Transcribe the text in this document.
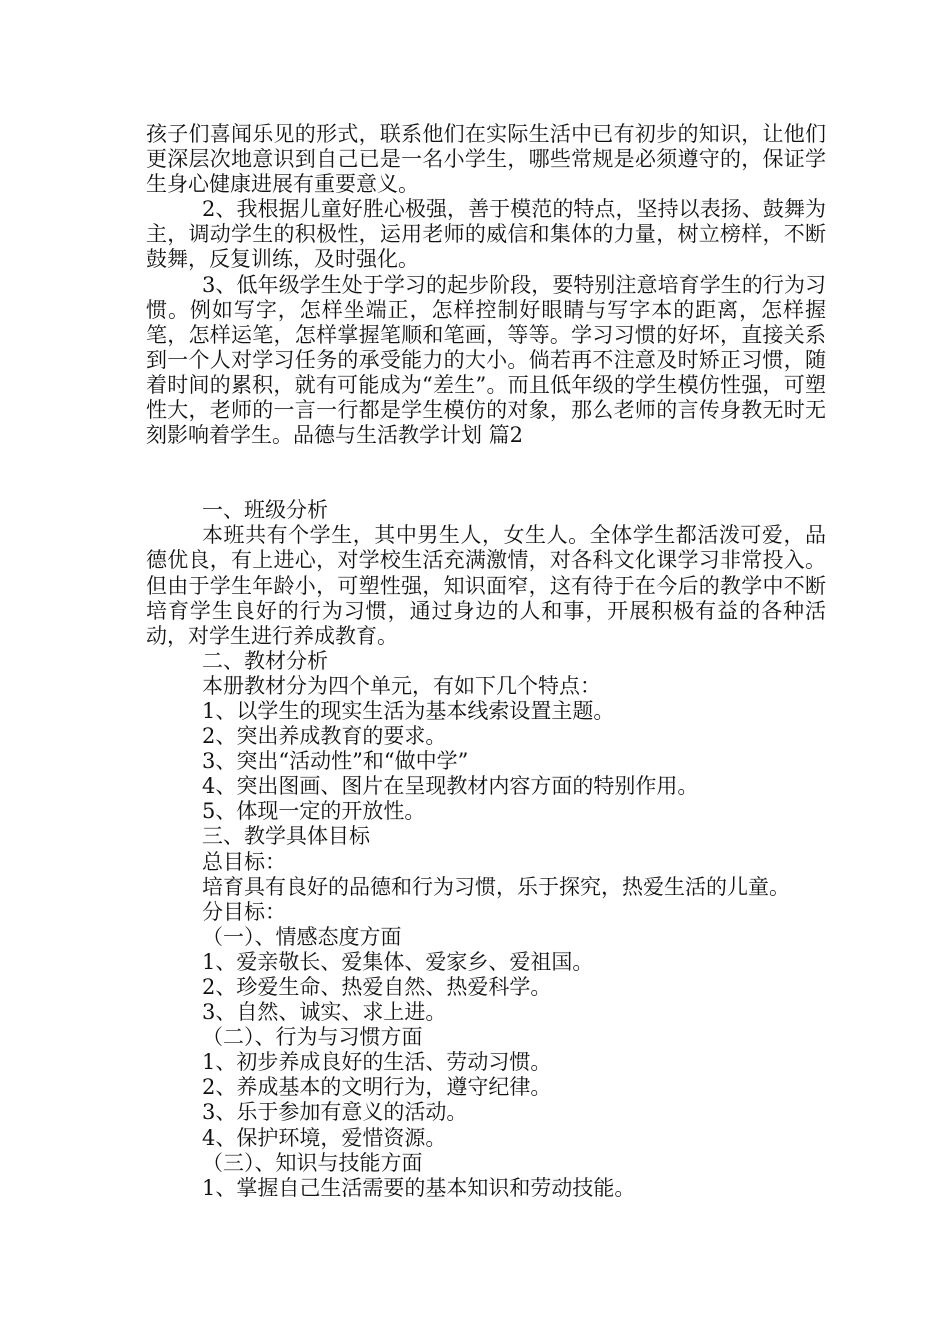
孩子们喜闻乐见的形式，联系他们在实际生活中已有初步的知识，让他们更深层次地意识到自己已是一名小学生，哪些常规是必须遵守的，保证学生身心健康进展有重要意义。

2、我根据儿童好胜心极强，善于模范的特点，坚持以表扬、鼓舞为主，调动学生的积极性，运用老师的威信和集体的力量，树立榜样，不断鼓舞，反复训练，及时强化。

3、低年级学生处于学习的起步阶段，要特别注意培育学生的行为习惯。例如写字，怎样坐端正，怎样控制好眼睛与写字本的距离，怎样握笔，怎样运笔，怎样掌握笔顺和笔画，等等。学习习惯的好坏，直接关系到一个人对学习任务的承受能力的大小。倘若再不注意及时矫正习惯，随着时间的累积，就有可能成为“差生”。而且低年级的学生模仿性强，可塑性大，老师的一言一行都是学生模仿的对象，那么老师的言传身教无时无刻影响着学生。品德与生活教学计划 篇2

一、班级分析

本班共有个学生，其中男生人，女生人。全体学生都活泼可爱，品德优良，有上进心，对学校生活充满激情，对各科文化课学习非常投入。但由于学生年龄小，可塑性强，知识面窄，这有待于在今后的教学中不断培育学生良好的行为习惯，通过身边的人和事，开展积极有益的各种活动，对学生进行养成教育。

二、教材分析

本册教材分为四个单元，有如下几个特点：

1、以学生的现实生活为基本线索设置主题。

2、突出养成教育的要求。

3、突出“活动性”和“做中学”

4、突出图画、图片在呈现教材内容方面的特别作用。

5、体现一定的开放性。

三、教学具体目标

总目标：

培育具有良好的品德和行为习惯，乐于探究，热爱生活的儿童。

分目标：

（一）、情感态度方面

1、爱亲敬长、爱集体、爱家乡、爱祖国。

2、珍爱生命、热爱自然、热爱科学。

3、自然、诚实、求上进。

（二）、行为与习惯方面

1、初步养成良好的生活、劳动习惯。

2、养成基本的文明行为，遵守纪律。

3、乐于参加有意义的活动。

4、保护环境，爱惜资源。

（三）、知识与技能方面

1、掌握自己生活需要的基本知识和劳动技能。
